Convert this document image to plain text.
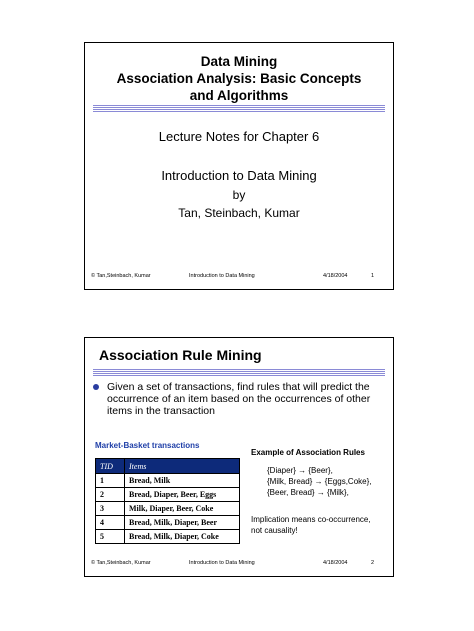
Data Mining
Association Analysis: Basic Concepts
and Algorithms
Lecture Notes for Chapter 6
Introduction to Data Mining
by
Tan, Steinbach, Kumar
© Tan,Steinbach, Kumar	Introduction to Data Mining	4/18/2004	1
Association Rule Mining
Given a set of transactions, find rules that will predict the
occurrence of an item based on the occurrences of other
items in the transaction
Market-Basket transactions
TID	Items
1	Bread, Milk
2	Bread, Diaper, Beer, Eggs
3	Milk, Diaper, Beer, Coke
4	Bread, Milk, Diaper, Beer
5	Bread, Milk, Diaper, Coke
Example of Association Rules
{Diaper} → {Beer},
{Milk, Bread} → {Eggs,Coke},
{Beer, Bread} → {Milk},
Implication means co-occurrence,
not causality!
© Tan,Steinbach, Kumar	Introduction to Data Mining	4/18/2004	2
